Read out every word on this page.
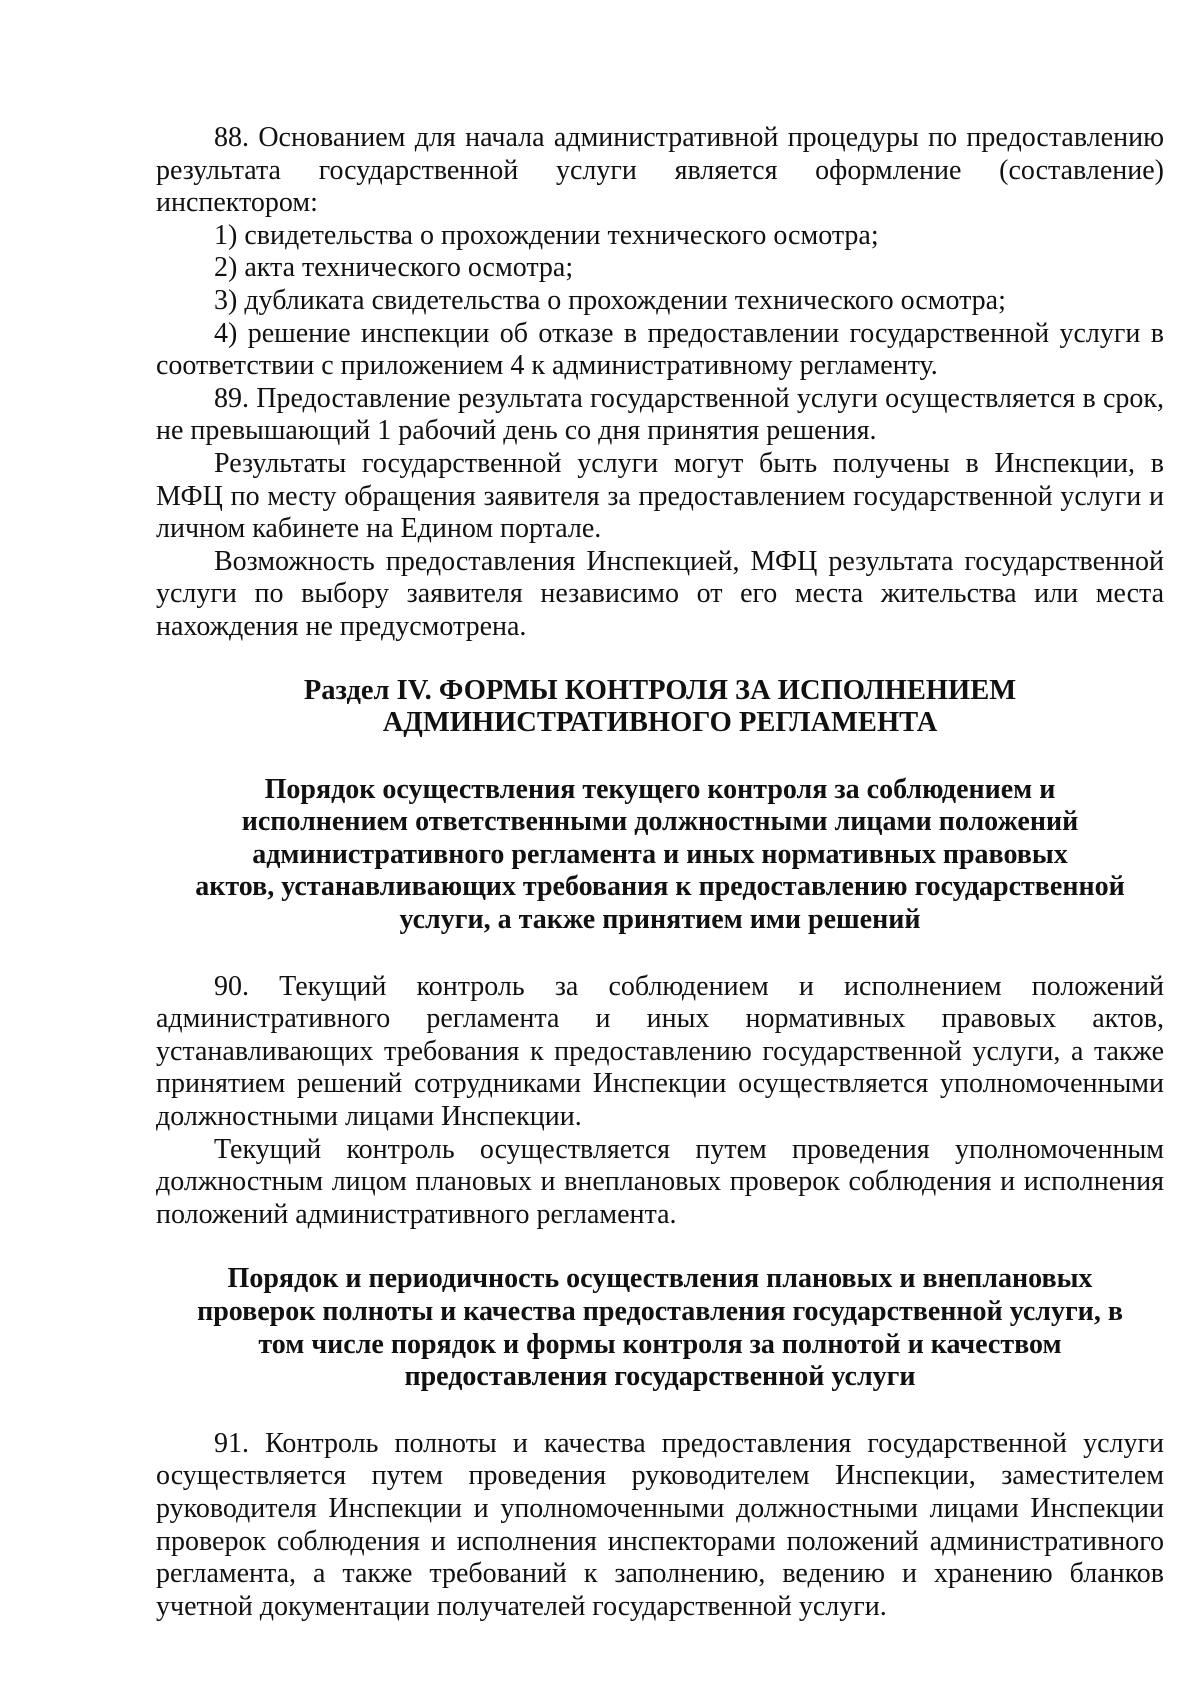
88. Основанием для начала административной процедуры по предоставлению результата государственной услуги является оформление (составление) инспектором:

1) свидетельства о прохождении технического осмотра;

2) акта технического осмотра;

3) дубликата свидетельства о прохождении технического осмотра;

4) решение инспекции об отказе в предоставлении государственной услуги в соответствии с приложением 4 к административному регламенту.

89. Предоставление результата государственной услуги осуществляется в срок, не превышающий 1 рабочий день со дня принятия решения.

Результаты государственной услуги могут быть получены в Инспекции, в МФЦ по месту обращения заявителя за предоставлением государственной услуги и личном кабинете на Едином портале.

Возможность предоставления Инспекцией, МФЦ результата государственной услуги по выбору заявителя независимо от его места жительства или места нахождения не предусмотрена.

Раздел IV. ФОРМЫ КОНТРОЛЯ ЗА ИСПОЛНЕНИЕМ
АДМИНИСТРАТИВНОГО РЕГЛАМЕНТА
Порядок осуществления текущего контроля за соблюдением и
исполнением ответственными должностными лицами положений
административного регламента и иных нормативных правовых
актов, устанавливающих требования к предоставлению государственной
услуги, а также принятием ими решений

90. Текущий контроль за соблюдением и исполнением положений административного регламента и иных нормативных правовых актов, устанавливающих требования к предоставлению государственной услуги, а также принятием решений сотрудниками Инспекции осуществляется уполномоченными должностными лицами Инспекции.

Текущий контроль осуществляется путем проведения уполномоченным должностным лицом плановых и внеплановых проверок соблюдения и исполнения положений административного регламента.

Порядок и периодичность осуществления плановых и внеплановых
проверок полноты и качества предоставления государственной услуги, в
том числе порядок и формы контроля за полнотой и качеством
предоставления государственной услуги

91. Контроль полноты и качества предоставления государственной услуги осуществляется путем проведения руководителем Инспекции, заместителем руководителя Инспекции и уполномоченными должностными лицами Инспекции проверок соблюдения и исполнения инспекторами положений административного регламента, а также требований к заполнению, ведению и хранению бланков учетной документации получателей государственной услуги.
